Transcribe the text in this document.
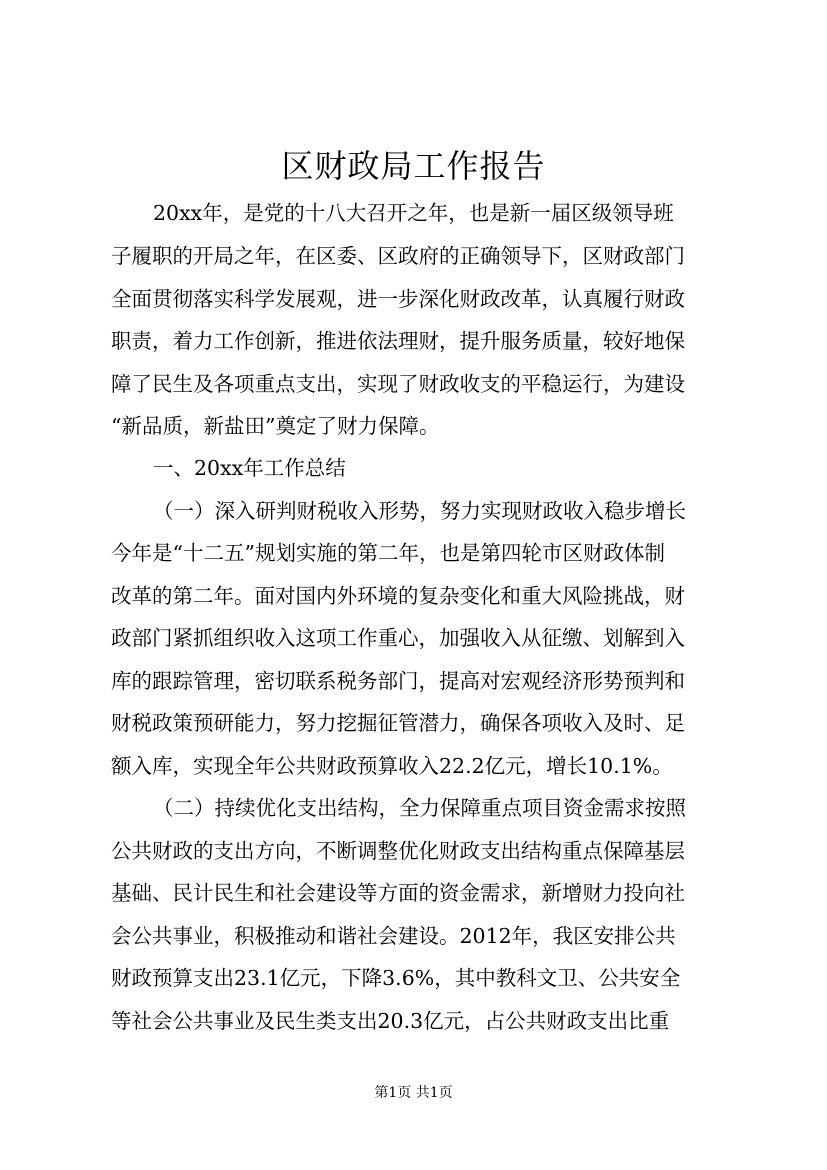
区财政局工作报告
20xx年，是党的十八大召开之年，也是新一届区级领导班
子履职的开局之年，在区委、区政府的正确领导下，区财政部门
全面贯彻落实科学发展观，进一步深化财政改革，认真履行财政
职责，着力工作创新，推进依法理财，提升服务质量，较好地保
障了民生及各项重点支出，实现了财政收支的平稳运行，为建设
“新品质，新盐田”奠定了财力保障。
一、20xx年工作总结
（一）深入研判财税收入形势，努力实现财政收入稳步增长
今年是“十二五”规划实施的第二年，也是第四轮市区财政体制
改革的第二年。面对国内外环境的复杂变化和重大风险挑战，财
政部门紧抓组织收入这项工作重心，加强收入从征缴、划解到入
库的跟踪管理，密切联系税务部门，提高对宏观经济形势预判和
财税政策预研能力，努力挖掘征管潜力，确保各项收入及时、足
额入库，实现全年公共财政预算收入22.2亿元，增长10.1%。
（二）持续优化支出结构，全力保障重点项目资金需求按照
公共财政的支出方向，不断调整优化财政支出结构重点保障基层
基础、民计民生和社会建设等方面的资金需求，新增财力投向社
会公共事业，积极推动和谐社会建设。2012年，我区安排公共
财政预算支出23.1亿元，下降3.6%，其中教科文卫、公共安全
等社会公共事业及民生类支出20.3亿元，占公共财政支出比重
第1页 共1页
